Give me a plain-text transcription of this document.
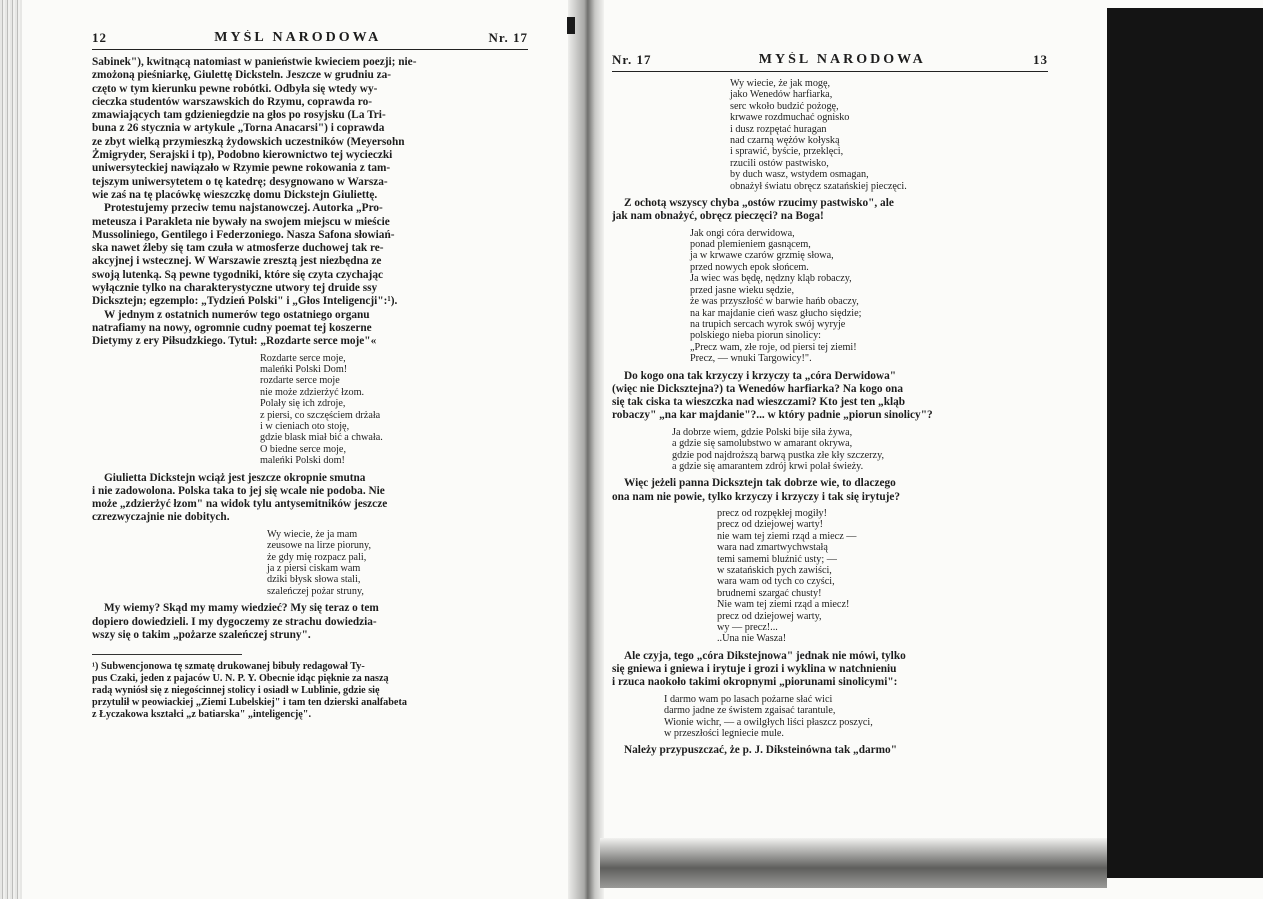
12	MYŚL NARODOWA	Nr. 17

Sabinek"), kwitnącą natomiast w panieństwie kwieciem poezji; nie-
zmożoną pieśniarkę, Giulettę Dicksteln. Jeszcze w grudniu za-
częto w tym kierunku pewne robótki. Odbyła się wtedy wy-
cieczka studentów warszawskich do Rzymu, coprawda ro-
zmawiających tam gdzieniegdzie na głos po rosyjsku (La Tri-
buna z 26 stycznia w artykule „Torna Anacarsi") i coprawda
ze zbyt wielką przymieszką żydowskich uczestników (Meyersohn
Żmigryder, Serajski i tp), Podobno kierownictwo tej wycieczki
uniwersyteckiej nawiązało w Rzymie pewne rokowania z tam-
tejszym uniwersytetem o tę katedrę; desygnowano w Warsza-
wie zaś na tę placówkę wieszczkę domu Dickstejn Giuliettę.

Protestujemy przeciw temu najstanowczej. Autorka „Pro-
meteusza i Parakleta nie bywały na swojem miejscu w mieście
Mussoliniego, Gentilego i Federzoniego. Nasza Safona słowiań-
ska nawet źleby się tam czuła w atmosferze duchowej tak re-
akcyjnej i wstecznej. W Warszawie zresztą jest niezbędna ze
swoją lutenką. Są pewne tygodniki, które się czyta czychając
wyłącznie tylko na charakterystyczne utwory tej druide ssy
Dicksztejn; egzemplo: „Tydzień Polski" i „Głos Inteligencji":¹).

W jednym z ostatnich numerów tego ostatniego organu
natrafiamy na nowy, ogromnie cudny poemat tej koszerne
Dietymy z ery Piłsudzkiego. Tytuł: „Rozdarte serce moje"«

Rozdarte serce moje,
maleńki Polski Dom!
rozdarte serce moje
nie może zdzierżyć łzom.
Polały się ich zdroje,
z piersi, co szczęściem drżała
i w cieniach oto stoję,
gdzie blask miał bić a chwała.
O biedne serce moje,
maleńki Polski dom!

Giulietta Dickstejn wciąż jest jeszcze okropnie smutna
i nie zadowolona. Polska taka to jej się wcale nie podoba. Nie
może „zdzierżyć łzom" na widok tylu antysemitników jeszcze
czrezwyczajnie nie dobitych.

Wy wiecie, że ja mam
zeusowe na lirze pioruny,
że gdy mię rozpacz pali,
ja z piersi ciskam wam
dziki błysk słowa stali,
szaleńczej pożar struny,

My wiemy? Skąd my mamy wiedzieć? My się teraz o tem
dopiero dowiedzieli. I my dygoczemy ze strachu dowiedzia-
wszy się o takim „pożarze szaleńczej struny".

¹) Subwencjonowa tę szmatę drukowanej bibuły redagował Ty-
pus Czaki, jeden z pajaców U. N. P. Y. Obecnie idąc pięknie za naszą
radą wyniósł się z niegościnnej stolicy i osiadł w Lublinie, gdzie się
przytulił w peowiackiej „Ziemi Lubelskiej" i tam ten dzierski analfabeta
z Łyczakowa kształci „z batiarska" „inteligencję".
Nr. 17	MYŚL NARODOWA	13
Wy wiecie, że jak mogę,
jako Wenedów harfiarka,
serc wkoło budzić pożogę,
krwawe rozdmuchać ognisko
i dusz rozpętać huragan
nad czarną wężów kołyską
i sprawić, byście, przeklęci,
rzucili ostów pastwisko,
by duch wasz, wstydem osmagan,
obnażył światu obręcz szatańskiej pieczęci.

Z ochotą wszyscy chyba „ostów rzucimy pastwisko", ale
jak nam obnażyć, obręcz pieczęci? na Boga!

Jak ongi córa derwidowa,
ponad plemieniem gasnącem,
ja w krwawe czarów grzmię słowa,
przed nowych epok słońcem.
Ja wiec was będę, nędzny kląb robaczy,
przed jasne wieku sędzie,
że was przyszłość w barwie hańb obaczy,
na kar majdanie cień wasz głucho siędzie;
na trupich sercach wyrok swój wyryje
polskiego nieba piorun sinolicy:
„Precz wam, złe roje, od piersi tej ziemi!
Precz, — wnuki Targowicy!".

Do kogo ona tak krzyczy i krzyczy ta „córa Derwidowa"
(więc nie Dicksztejna?) ta Wenedów harfiarka? Na kogo ona
się tak ciska ta wieszczka nad wieszczami? Kto jest ten „kląb
robaczy" „na kar majdanie"?... w który padnie „piorun sinolicy"?

Ja dobrze wiem, gdzie Polski bije siła żywa,
a gdzie się samolubstwo w amarant okrywa,
gdzie pod najdroższą barwą pustka złe kły szczerzy,
a gdzie się amarantem zdrój krwi polał świeży.

Więc jeżeli panna Dicksztejn tak dobrze wie, to dlaczego
ona nam nie powie, tylko krzyczy i krzyczy i tak się irytuje?

precz od rozpękłej mogiły!
precz od dziejowej warty!
nie wam tej ziemi rząd a miecz —
wara nad zmartwychwstałą
temi samemi bluźnić usty; —
w szatańskich pych zawiści,
wara wam od tych co czyści,
brudnemi szargać chusty!
Nie wam tej ziemi rząd a miecz!
precz od dziejowej warty,
wy — precz!...
..Una nie Wasza!

Ale czyja, tego „córa Dikstejnowa" jednak nie mówi, tylko
się gniewa i gniewa i irytuje i grozi i wyklina w natchnieniu
i rzuca naokoło takimi okropnymi „piorunami sinolicymi":

I darmo wam po lasach pożarne słać wici
darmo jadne ze świstem zgaisać tarantule,
Wionie wichr, — a owilgłych liści płaszcz poszyci,
w przeszłości legniecie mule.

Należy przypuszczać, że p. J. Diksteinówna tak „darmo"
